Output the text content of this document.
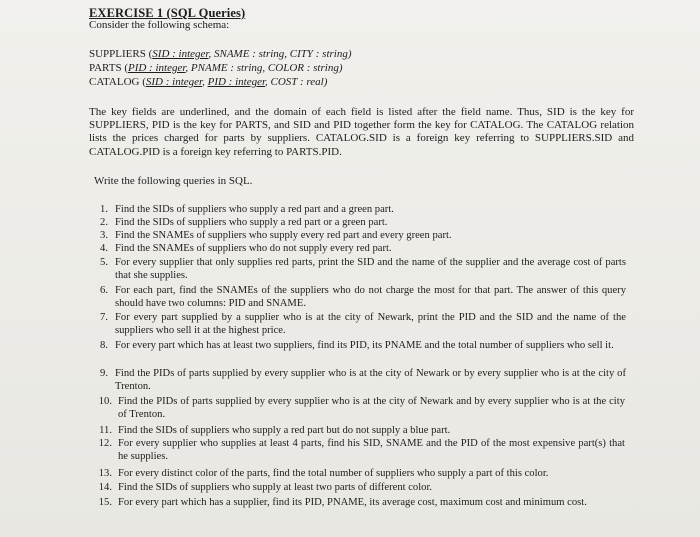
EXERCISE 1 (SQL Queries)
Consider the following schema:
SUPPLIERS (SID : integer, SNAME : string, CITY : string)
PARTS (PID : integer, PNAME : string, COLOR : string)
CATALOG (SID : integer, PID : integer, COST : real)
The key fields are underlined, and the domain of each field is listed after the field name. Thus, SID is the key for SUPPLIERS, PID is the key for PARTS, and SID and PID together form the key for CATALOG. The CATALOG relation lists the prices charged for parts by suppliers. CATALOG.SID is a foreign key referring to SUPPLIERS.SID and CATALOG.PID is a foreign key referring to PARTS.PID.
Write the following queries in SQL.
1. Find the SIDs of suppliers who supply a red part and a green part.
2. Find the SIDs of suppliers who supply a red part or a green part.
3. Find the SNAMEs of suppliers who supply every red part and every green part.
4. Find the SNAMEs of suppliers who do not supply every red part.
5. For every supplier that only supplies red parts, print the SID and the name of the supplier and the average cost of parts that she supplies.
6. For each part, find the SNAMEs of the suppliers who do not charge the most for that part. The answer of this query should have two columns: PID and SNAME.
7. For every part supplied by a supplier who is at the city of Newark, print the PID and the SID and the name of the suppliers who sell it at the highest price.
8. For every part which has at least two suppliers, find its PID, its PNAME and the total number of suppliers who sell it.
9. Find the PIDs of parts supplied by every supplier who is at the city of Newark or by every supplier who is at the city of Trenton.
10. Find the PIDs of parts supplied by every supplier who is at the city of Newark and by every supplier who is at the city of Trenton.
11. Find the SIDs of suppliers who supply a red part but do not supply a blue part.
12. For every supplier who supplies at least 4 parts, find his SID, SNAME and the PID of the most expensive part(s) that he supplies.
13. For every distinct color of the parts, find the total number of suppliers who supply a part of this color.
14. Find the SIDs of suppliers who supply at least two parts of different color.
15. For every part which has a supplier, find its PID, PNAME, its average cost, maximum cost and minimum cost.
